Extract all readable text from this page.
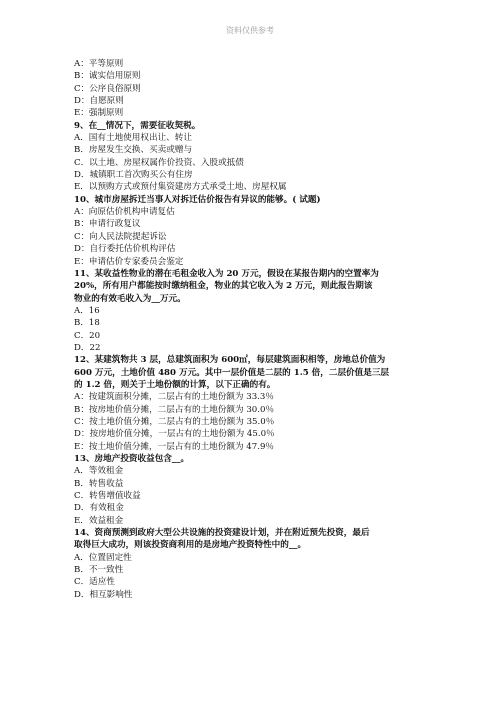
资料仅供参考
A：平等原则
B：诚实信用原则
C：公序良俗原则
D：自愿原则
E：强制原则
9、在__情况下，需要征收契税。
A．国有土地使用权出让、转让
B．房屋发生交换、买卖或赠与
C．以土地、房屋权属作价投资、入股或抵债
D．城镇职工首次购买公有住房
E．以预购方式或预付集资建房方式承受土地、房屋权属
10、城市房屋拆迁当事人对拆迁估价报告有异议的能够。( 试题)
A：向原估价机构申请复估
B：申请行政复议
C：向人民法院提起诉讼
D：自行委托估价机构评估
E：申请估价专家委员会鉴定
11、某收益性物业的潜在毛租金收入为 20 万元，假设在某报告期内的空置率为
20%，所有用户都能按时缴纳租金，物业的其它收入为 2 万元，则此报告期该
物业的有效毛收入为__万元。
A．16
B．18
C．20
D．22
12、某建筑物共 3 层，总建筑面积为 600㎡，每层建筑面积相等，房地总价值为
600 万元，土地价值 480 万元。其中一层价值是二层的 1.5 倍，二层价值是三层
的 1.2 倍，则关于土地份额的计算，以下正确的有。
A：按建筑面积分摊，二层占有的土地份额为 33.3％
B：按房地价值分摊，二层占有的土地份额为 30.0％
C：按土地价值分摊，二层占有的土地份额为 35.0％
D：按房地价值分摊，一层占有的土地份额为 45.0％
E：按土地价值分摊，一层占有的土地份额为 47.9％
13、房地产投资收益包含__。
A．等效租金
B．转售收益
C．转售增值收益
D．有效租金
E．效益租金
14、资商预测到政府大型公共设施的投资建设计划，并在附近预先投资，最后
取得巨大成功，则该投资商利用的是房地产投资特性中的__。
A．位置固定性
B．不一致性
C．适应性
D．相互影响性
